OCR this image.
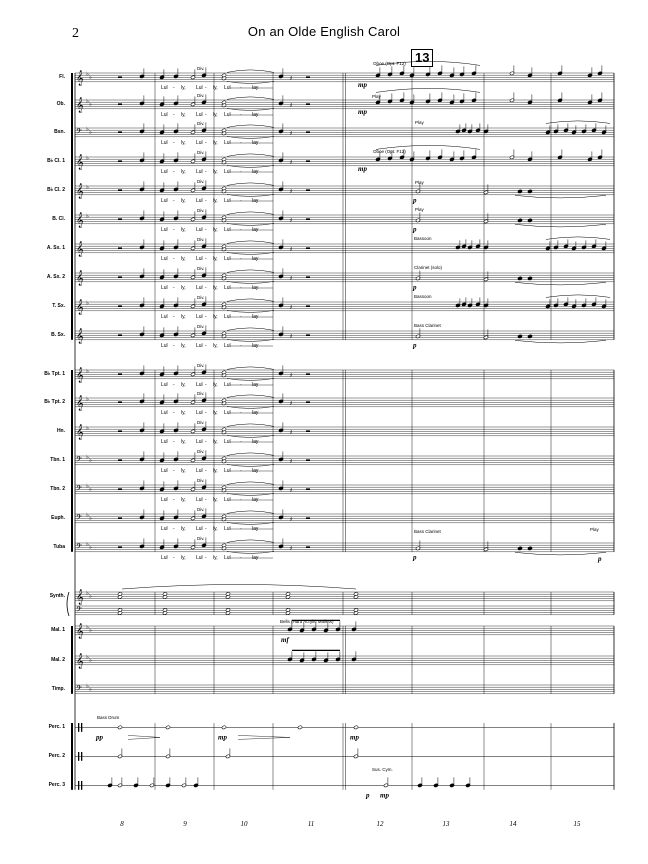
2	On an Olde English Carol
13
Fl.
Ob.
Bsn.
B♭ Cl. 1
B♭ Cl. 2
B. Cl.
A. Sx. 1
A. Sx. 2
T. Sx.
B. Sx.
B♭ Tpt. 1
B♭ Tpt. 2
Hn.
Tbn. 1
Tbn. 2
Euph.
Tuba
Synth.
Mal. 1
Mal. 2
Timp.
Perc. 1
Perc. 2
Perc. 3
𝄞 ♭ ♭
𝄞 ♭ ♭
𝄢 ♭ ♭
𝄞 ♭
𝄞 ♭
𝄞 ♭
𝄞
𝄞
𝄞 ♭
𝄞
𝄞 ♭
𝄞 ♭
𝄞 ♭
𝄢 ♭ ♭
𝄢 ♭ ♭
𝄢 ♭ ♭
𝄢 ♭ ♭
𝄞 ♭ ♭
𝄞 ♭ ♭
𝄞 ♭ ♭
𝄢 ♭ ♭
𝄢
𝄽
Div.
Lul - ly, Lul - ly, Lul - lay	mp
𝄽
Div.
Lul - ly, Lul - ly, Lul - lay	mp
𝄽
Div.
Lul - ly, Lul - ly, Lul - lay
𝄽
Div.
Lul - ly, Lul - ly, Lul - lay	mp
𝄽
Div.
Lul - ly, Lul - ly, Lul - lay
𝄽
Div.
Lul - ly, Lul - ly, Lul - lay
𝄽
Div.
Lul - ly, Lul - ly, Lul - lay
𝄽
Div.
Lul - ly, Lul - ly, Lul - lay
𝄽
Div.
Lul - ly, Lul - ly, Lul - lay
𝄽
Div.
Lul - ly, Lul - ly, Lul - lay
𝄽
Div.
Lul - ly, Lul - ly, Lul - lay
𝄽
Div.
Lul - ly, Lul - ly, Lul - lay
𝄽
Div.
Lul - ly, Lul - ly, Lul - lay
𝄽
Div.
Lul - ly, Lul - ly, Lul - lay
𝄽
Div.
Lul - ly, Lul - ly, Lul - lay
𝄽
Div.
Lul - ly, Lul - ly, Lul - lay
𝄽
Div.
Lul - ly, Lul - ly, Lul - lay
Oboe (Opt. F12)
Play
Play
Oboe (Opt. F12)
Play
Play
Bassoon
Clarinet (solo)
Bassoon
Bass Clarinet
Bass Clarinet	Play
Bells (Hard Acrylic Mallets)
Bass Drum
Sus. Cym.
p
p
p
p
p	p
mf
pp	mp	mp
p mp
8	9	10	11	12	13	14	15
